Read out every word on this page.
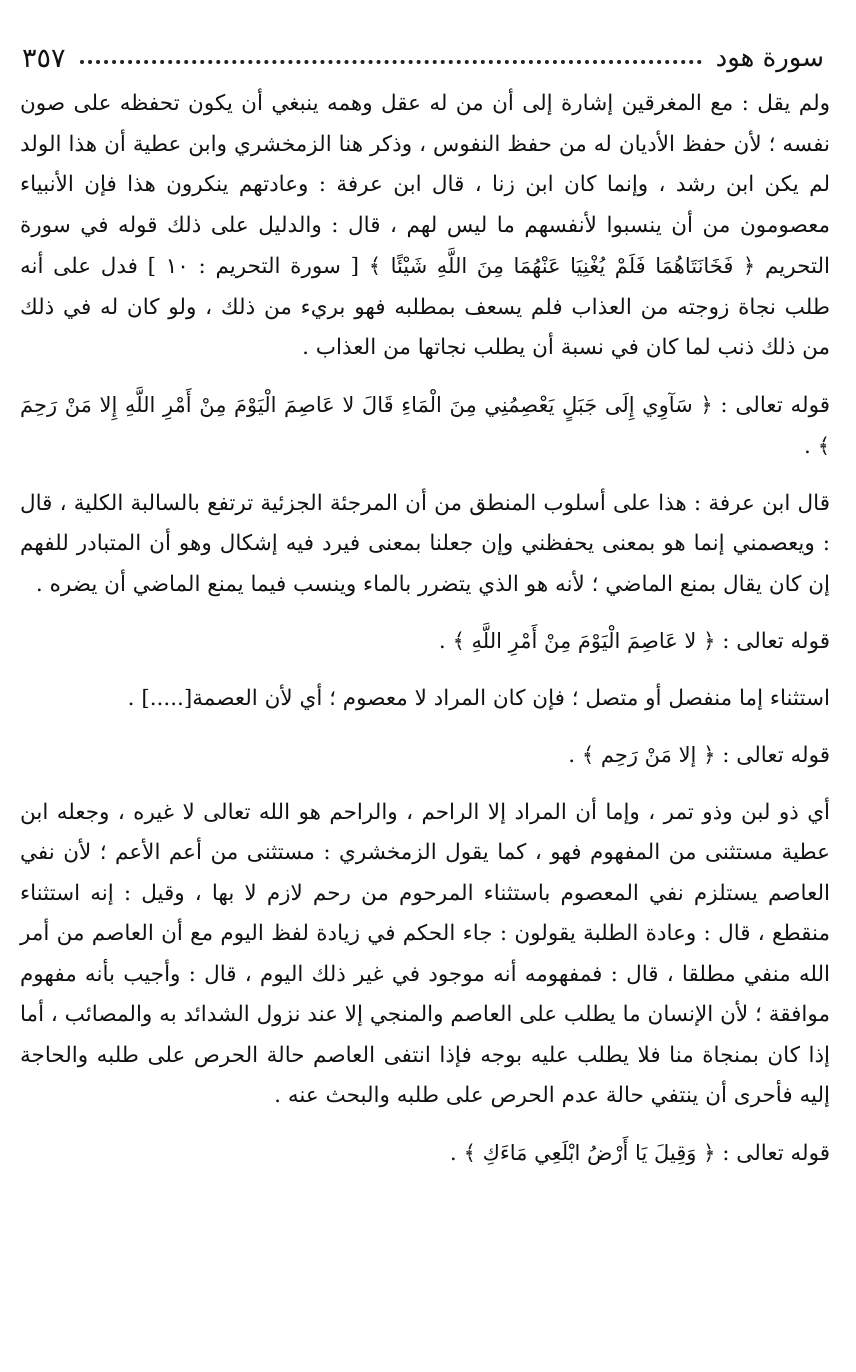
٣٥٧	سورة هود

ولم يقل : مع المغرقين إشارة إلى أن من له عقل وهمه ينبغي أن يكون تحفظه على صون نفسه ؛ لأن حفظ الأديان له من حفظ النفوس ، وذكر هنا الزمخشري وابن عطية أن هذا الولد لم يكن ابن رشد ، وإنما كان ابن زنا ، قال ابن عرفة : وعادتهم ينكرون هذا فإن الأنبياء معصومون من أن ينسبوا لأنفسهم ما ليس لهم ، قال : والدليل على ذلك قوله في سورة التحريم ﴿ فَخَانَتَاهُمَا فَلَمْ يُغْنِيَا عَنْهُمَا مِنَ اللَّهِ شَيْئًا ﴾ [ سورة التحريم : ١٠ ] فدل على أنه طلب نجاة زوجته من العذاب فلم يسعف بمطلبه فهو بريء من ذلك ، ولو كان له في ذلك من ذلك ذنب لما كان في نسبة أن يطلب نجاتها من العذاب .

قوله تعالى : ﴿ سَآوِي إِلَى جَبَلٍ يَعْصِمُنِي مِنَ الْمَاءِ قَالَ لا عَاصِمَ الْيَوْمَ مِنْ أَمْرِ اللَّهِ إِلا مَنْ رَحِمَ ﴾ .

قال ابن عرفة : هذا على أسلوب المنطق من أن المرجئة الجزئية ترتفع بالسالبة الكلية ، قال : ويعصمني إنما هو بمعنى يحفظني وإن جعلنا بمعنى فيرد فيه إشكال وهو أن المتبادر للفهم إن كان يقال بمنع الماضي ؛ لأنه هو الذي يتضرر بالماء وينسب فيما يمنع الماضي أن يضره .

قوله تعالى : ﴿ لا عَاصِمَ الْيَوْمَ مِنْ أَمْرِ اللَّهِ ﴾ .

استثناء إما منفصل أو متصل ؛ فإن كان المراد لا معصوم ؛ أي لأن العصمة[.....] .

قوله تعالى : ﴿ إلا مَنْ رَحِم ﴾ .

أي ذو لبن وذو تمر ، وإما أن المراد إلا الراحم ، والراحم هو الله تعالى لا غيره ، وجعله ابن عطية مستثنى من المفهوم فهو ، كما يقول الزمخشري : مستثنى من أعم الأعم ؛ لأن نفي العاصم يستلزم نفي المعصوم باستثناء المرحوم من رحم لازم لا بها ، وقيل : إنه استثناء منقطع ، قال : وعادة الطلبة يقولون : جاء الحكم في زيادة لفظ اليوم مع أن العاصم من أمر الله منفي مطلقا ، قال : فمفهومه أنه موجود في غير ذلك اليوم ، قال : وأجيب بأنه مفهوم موافقة ؛ لأن الإنسان ما يطلب على العاصم والمنجي إلا عند نزول الشدائد به والمصائب ، أما إذا كان بمنجاة منا فلا يطلب عليه بوجه فإذا انتفى العاصم حالة الحرص على طلبه والحاجة إليه فأحرى أن ينتفي حالة عدم الحرص على طلبه والبحث عنه .

قوله تعالى : ﴿ وَقِيلَ يَا أَرْضُ ابْلَعِي مَاءَكِ ﴾ .
